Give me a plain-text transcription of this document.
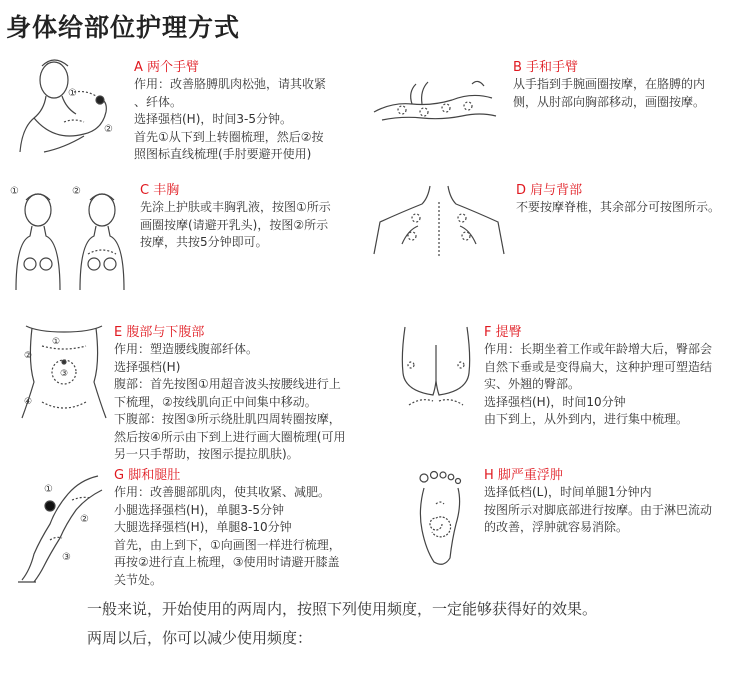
身体给部位护理方式
①
②
A 两个手臂
作用：改善胳膊肌肉松弛，请其收紧
、纤体。
选择强档(H)，时间3-5分钟。
首先①从下到上转圈梳理，然后②按
照图标直线梳理(手肘要避开使用)
B 手和手臂
从手指到手腕画圈按摩，在胳膊的内
侧，从肘部向胸部移动，画圈按摩。
①	②	C 丰胸
先涂上护肤或丰胸乳液，按图①所示
画圈按摩(请避开乳头)，按图②所示
按摩，共按5分钟即可。
D 肩与背部
不要按摩脊椎，其余部分可按图所示。
①
②
③
④
E 腹部与下腹部
作用：塑造腰线腹部纤体。
选择强档(H)
腹部：首先按图①用超音波头按腰线进行上
下梳理，②按线肌向正中间集中移动。
下腹部：按图③所示绕肚肌四周转圈按摩，
然后按④所示由下到上进行画大圈梳理(可用
另一只手帮助，按图示提拉肌肤)。
F 提臀
作用：长期坐着工作或年龄增大后，臀部会
自然下垂或是变得扁大，这种护理可塑造结
实、外翘的臀部。
选择强档(H)，时间10分钟
由下到上，从外到内，进行集中梳理。
①
②
③
G 脚和腿肚
作用：改善腿部肌肉，使其收紧、减肥。
小腿选择强档(H)，单腿3-5分钟
大腿选择强档(H)，单腿8-10分钟
首先，由上到下，①向画图一样进行梳理，
再按②进行直上梳理，③使用时请避开膝盖
关节处。
H 脚严重浮肿
选择低档(L)，时间单腿1分钟内
按图所示对脚底部进行按摩。由于淋巴流动
的改善，浮肿就容易消除。
一般来说，开始使用的两周内，按照下列使用频度，一定能够获得好的效果。
两周以后，你可以减少使用频度：
